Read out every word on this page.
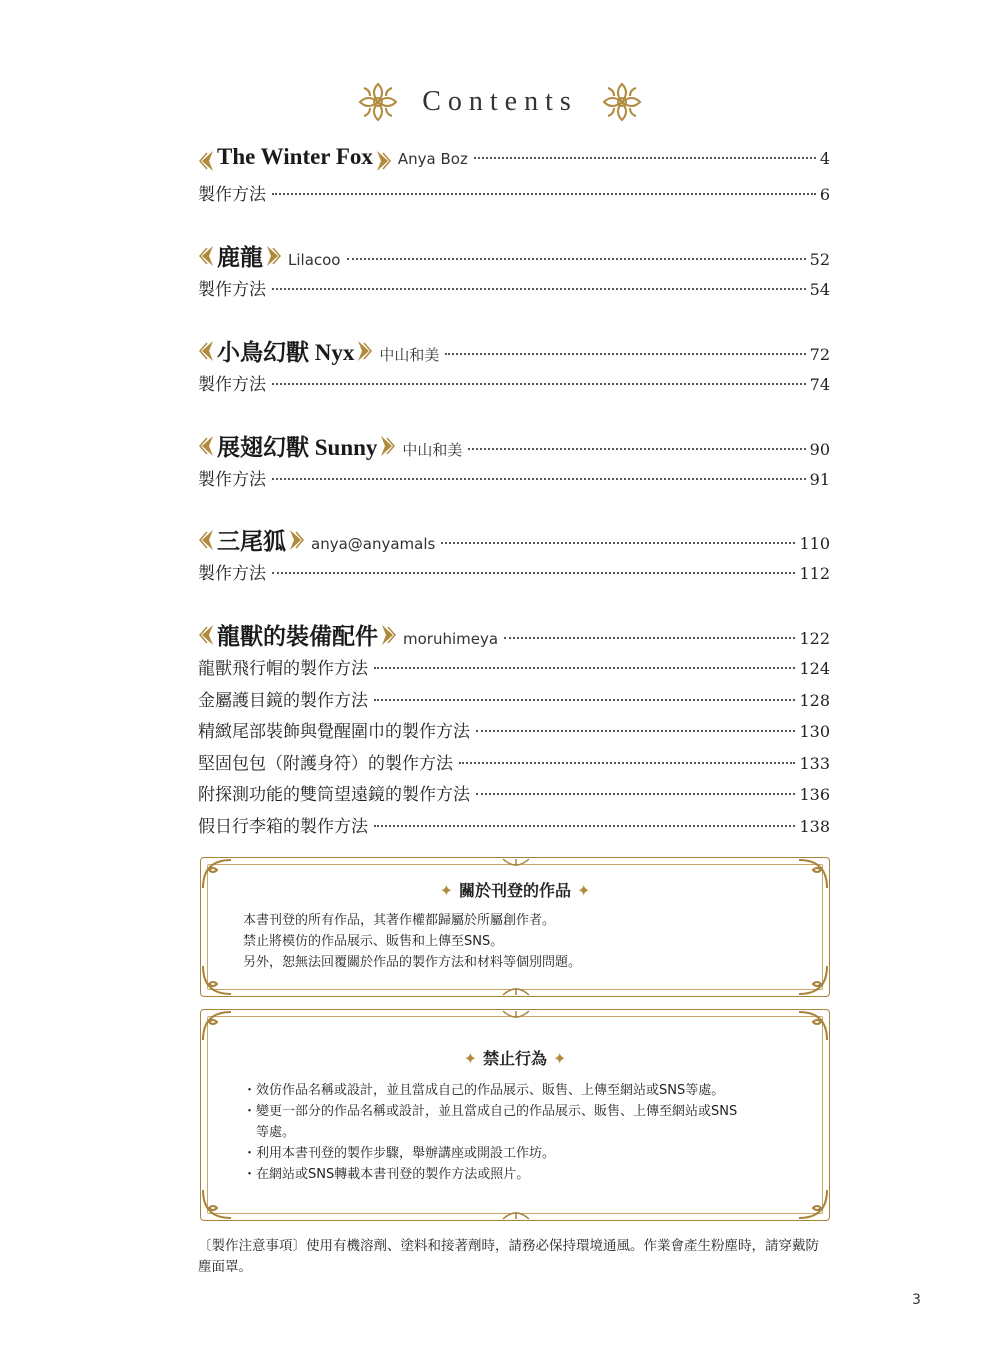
Contents
The Winter Fox Anya Boz	4
製作方法	6
鹿龍 Lilacoo	52
製作方法	54
小鳥幻獸 Nyx 中山和美	72
製作方法	74
展翅幻獸 Sunny 中山和美	90
製作方法	91
三尾狐 anya@anyamals	110
製作方法	112
龍獸的裝備配件 moruhimeya	122
龍獸飛行帽的製作方法	124
金屬護目鏡的製作方法	128
精緻尾部裝飾與覺醒圍巾的製作方法	130
堅固包包（附護身符）的製作方法	133
附探測功能的雙筒望遠鏡的製作方法	136
假日行李箱的製作方法	138
✦ 關於刊登的作品 ✦
本書刊登的所有作品，其著作權都歸屬於所屬創作者。
禁止將模仿的作品展示、販售和上傳至SNS。
另外，恕無法回覆關於作品的製作方法和材料等個別問題。
✦ 禁止行為 ✦
・效仿作品名稱或設計，並且當成自己的作品展示、販售、上傳至網站或SNS等處。
・變更一部分的作品名稱或設計，並且當成自己的作品展示、販售、上傳至網站或SNS
　等處。
・利用本書刊登的製作步驟，舉辦講座或開設工作坊。
・在網站或SNS轉載本書刊登的製作方法或照片。
〔製作注意事項〕使用有機溶劑、塗料和接著劑時，請務必保持環境通風。作業會產生粉塵時，請穿戴防塵面罩。
3
